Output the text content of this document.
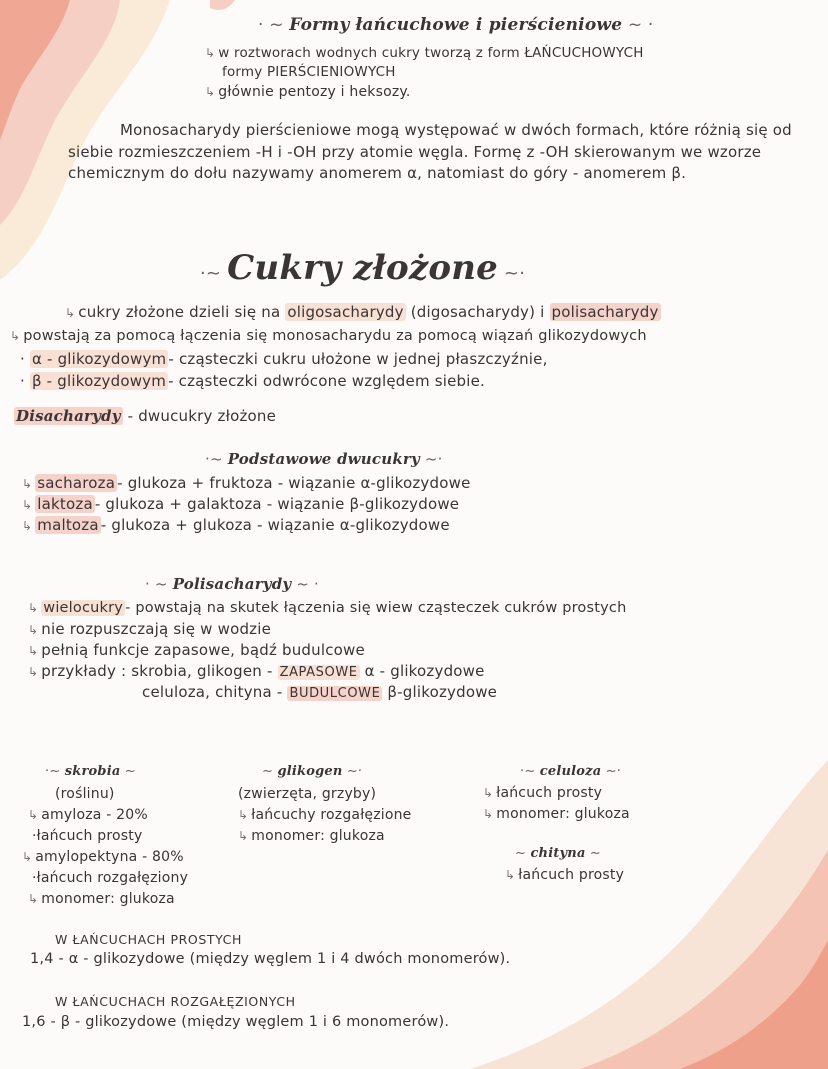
· ~ Formy łańcuchowe i pierścieniowe ~ ·
↳ w roztworach wodnych cukry tworzą z form ŁAŃCUCHOWYCH
formy PIERŚCIENIOWYCH
↳ głównie pentozy i heksozy.
Monosacharydy pierścieniowe mogą występować w dwóch formach, które różnią się od siebie rozmieszczeniem -H i -OH przy atomie węgla. Formę z -OH skierowanym we wzorze chemicznym do dołu nazywamy anomerem α, natomiast do góry - anomerem β.
·~ Cukry złożone ~·
↳ cukry złożone dzieli się na oligosacharydy (digosacharydy) i polisacharydy
↳ powstają za pomocą łączenia się monosacharydu za pomocą wiązań glikozydowych
· α - glikozydowym - cząsteczki cukru ułożone w jednej płaszczyźnie,
· β - glikozydowym - cząsteczki odwrócone względem siebie.
Disacharydy - dwucukry złożone
·~ Podstawowe dwucukry ~·
↳ sacharoza - glukoza + fruktoza - wiązanie α-glikozydowe
↳ laktoza - glukoza + galaktoza - wiązanie β-glikozydowe
↳ maltoza - glukoza + glukoza - wiązanie α-glikozydowe
· ~ Polisacharydy ~ ·
↳ wielocukry - powstają na skutek łączenia się wiew cząsteczek cukrów prostych
↳ nie rozpuszczają się w wodzie
↳ pełnią funkcje zapasowe, bądź budulcowe
↳ przykłady : skrobia, glikogen - ZAPASOWE α - glikozydowe
celuloza, chityna - BUDULCOWE β-glikozydowe
·~ skrobia ~
(roślinu)
↳ amyloza - 20%
·łańcuch prosty
↳ amylopektyna - 80%
·łańcuch rozgałęziony
↳ monomer: glukoza
~ glikogen ~·
(zwierzęta, grzyby)
↳ łańcuchy rozgałęzione
↳ monomer: glukoza
·~ celuloza ~·
↳ łańcuch prosty
↳ monomer: glukoza
~ chityna ~
↳ łańcuch prosty
W ŁAŃCUCHACH PROSTYCH
1,4 - α - glikozydowe (między węglem 1 i 4 dwóch monomerów).
W ŁAŃCUCHACH ROZGAŁĘZIONYCH
1,6 - β - glikozydowe (między węglem 1 i 6 monomerów).
